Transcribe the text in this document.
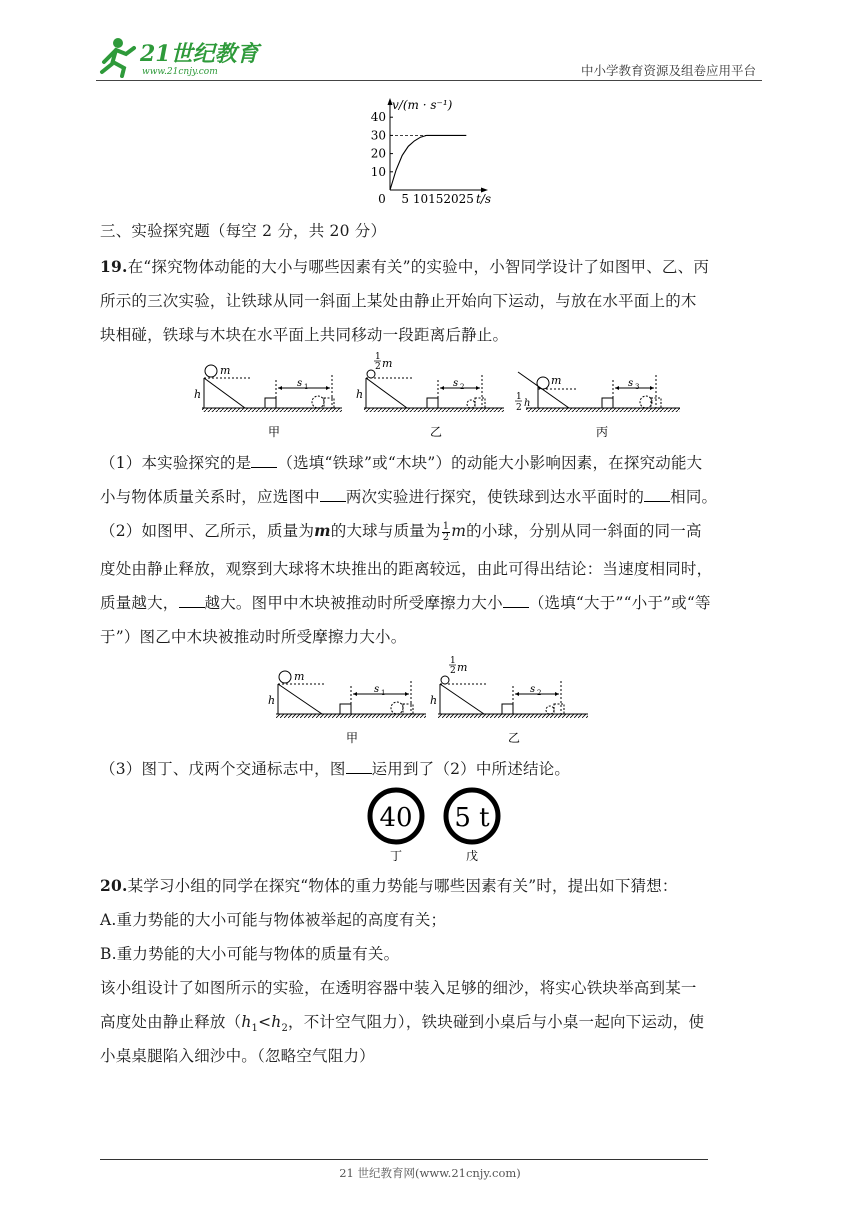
21世纪教育
www.21cnjy.com	中小学教育资源及组卷应用平台
v/(m · s⁻¹)
t/s
10
20
30
40
0 5 10 15 20 25
三、实验探究题（每空 2 分，共 20 分）
19.在“探究物体动能的大小与哪些因素有关”的实验中，小智同学设计了如图甲、乙、丙
所示的三次实验，让铁球从同一斜面上某处由静止开始向下运动，与放在水平面上的木
块相碰，铁球与木块在水平面上共同移动一段距离后静止。
m
h
s 1
甲
1
2 m
h
s 2
乙
m
1
2 h
s 3
丙
（1）本实验探究的是 （选填“铁球”或“木块”）的动能大小影响因素，在探究动能大
小与物体质量关系时，应选图中 两次实验进行探究，使铁球到达水平面时的 相同。
（2）如图甲、乙所示，质量为m的大球与质量为 $\frac{1}{2}$ m的小球，分别从同一斜面的同一高
度处由静止释放，观察到大球将木块推出的距离较远，由此可得出结论：当速度相同时，
质量越大， 越大。图甲中木块被推动时所受摩擦力大小 （选填“大于”“小于”或“等
于”）图乙中木块被推动时所受摩擦力大小。
m
h
s 1
甲
1
2 m
h
s 2
乙
（3）图丁、戊两个交通标志中，图 运用到了（2）中所述结论。
40
丁
5 t
戊
20.某学习小组的同学在探究“物体的重力势能与哪些因素有关”时，提出如下猜想：
A.重力势能的大小可能与物体被举起的高度有关；
B.重力势能的大小可能与物体的质量有关。
该小组设计了如图所示的实验，在透明容器中装入足够的细沙，将实心铁块举高到某一
高度处由静止释放（$h_1<h_2$，不计空气阻力），铁块碰到小桌后与小桌一起向下运动，使
小桌桌腿陷入细沙中。（忽略空气阻力）
21 世纪教育网(www.21cnjy.com)
